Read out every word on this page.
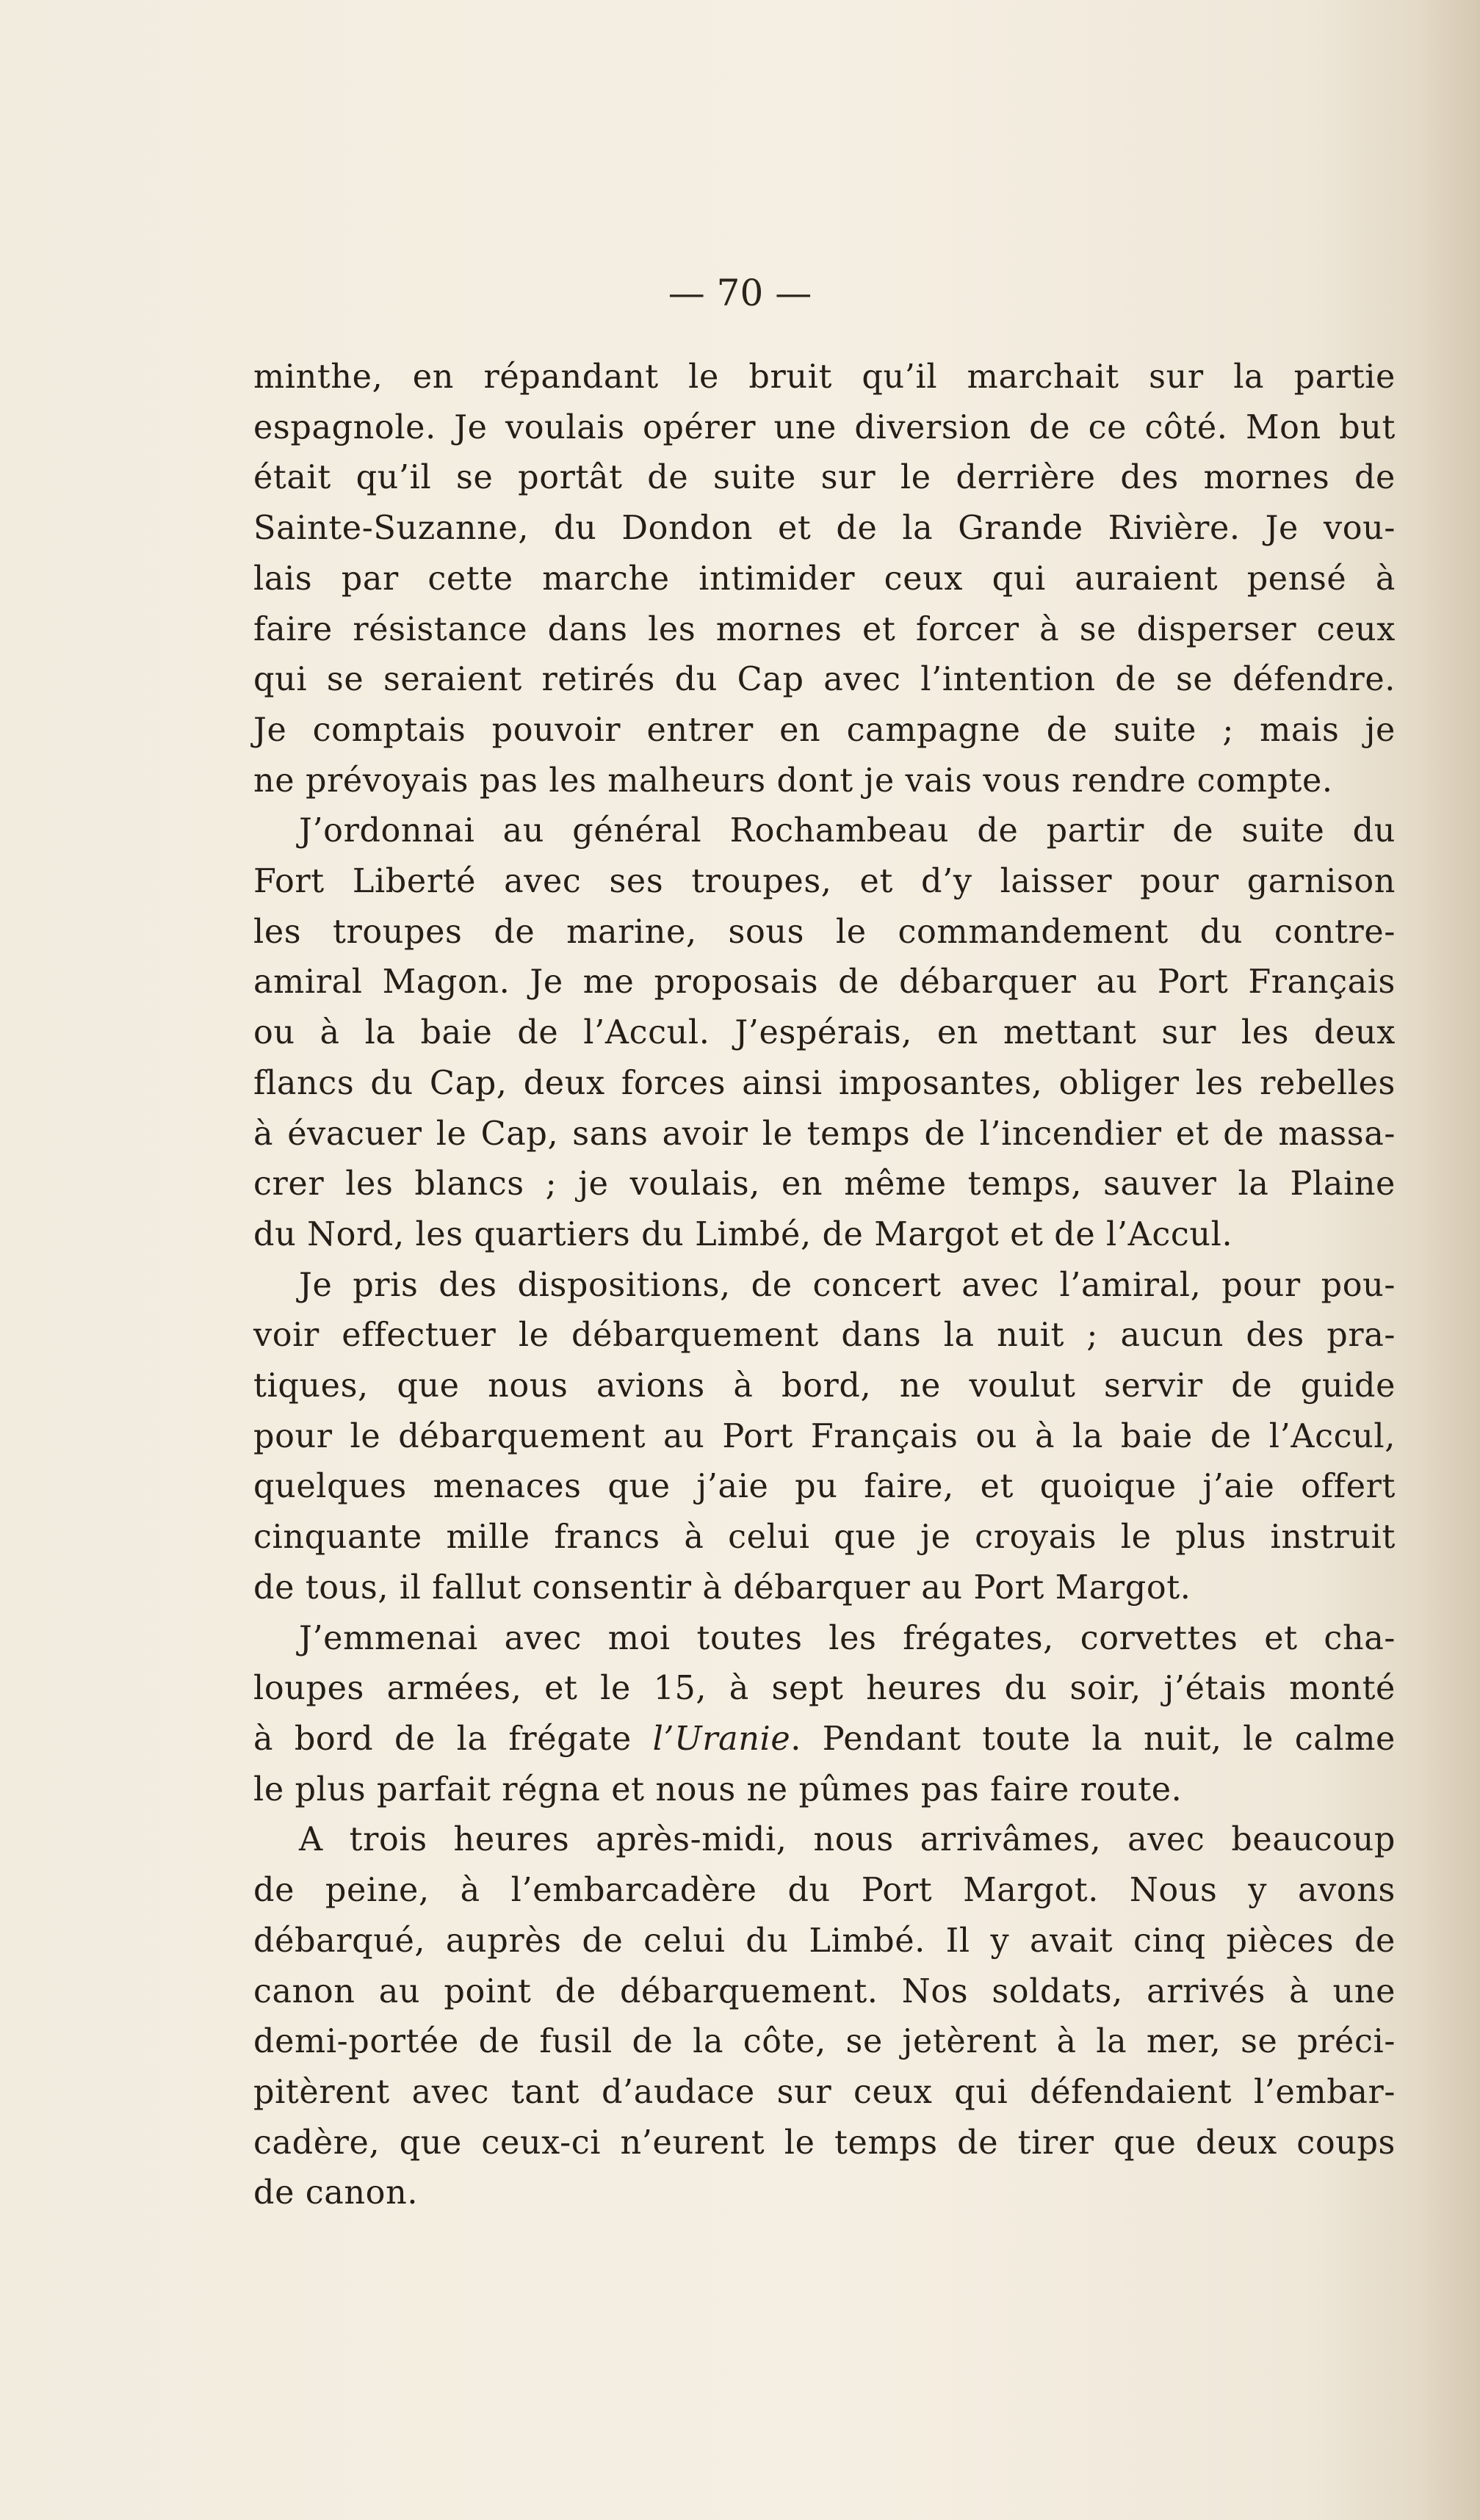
— 70 —

minthe, en répandant le bruit qu’il marchait sur la partie

espagnole. Je voulais opérer une diversion de ce côté. Mon but

était qu’il se portât de suite sur le derrière des mornes de

Sainte-Suzanne, du Dondon et de la Grande Rivière. Je vou-

lais par cette marche intimider ceux qui auraient pensé à

faire résistance dans les mornes et forcer à se disperser ceux

qui se seraient retirés du Cap avec l’intention de se défendre.

Je comptais pouvoir entrer en campagne de suite ; mais je

ne prévoyais pas les malheurs dont je vais vous rendre compte.

J’ordonnai au général Rochambeau de partir de suite du

Fort Liberté avec ses troupes, et d’y laisser pour garnison

les troupes de marine, sous le commandement du contre-

amiral Magon. Je me proposais de débarquer au Port Français

ou à la baie de l’Accul. J’espérais, en mettant sur les deux

flancs du Cap, deux forces ainsi imposantes, obliger les rebelles

à évacuer le Cap, sans avoir le temps de l’incendier et de massa-

crer les blancs ; je voulais, en même temps, sauver la Plaine

du Nord, les quartiers du Limbé, de Margot et de l’Accul.

Je pris des dispositions, de concert avec l’amiral, pour pou-

voir effectuer le débarquement dans la nuit ; aucun des pra-

tiques, que nous avions à bord, ne voulut servir de guide

pour le débarquement au Port Français ou à la baie de l’Accul,

quelques menaces que j’aie pu faire, et quoique j’aie offert

cinquante mille francs à celui que je croyais le plus instruit

de tous, il fallut consentir à débarquer au Port Margot.

J’emmenai avec moi toutes les frégates, corvettes et cha-

loupes armées, et le 15, à sept heures du soir, j’étais monté

à bord de la frégate l’Uranie. Pendant toute la nuit, le calme

le plus parfait régna et nous ne pûmes pas faire route.

A trois heures après-midi, nous arrivâmes, avec beaucoup

de peine, à l’embarcadère du Port Margot. Nous y avons

débarqué, auprès de celui du Limbé. Il y avait cinq pièces de

canon au point de débarquement. Nos soldats, arrivés à une

demi-portée de fusil de la côte, se jetèrent à la mer, se préci-

pitèrent avec tant d’audace sur ceux qui défendaient l’embar-

cadère, que ceux-ci n’eurent le temps de tirer que deux coups

de canon.
